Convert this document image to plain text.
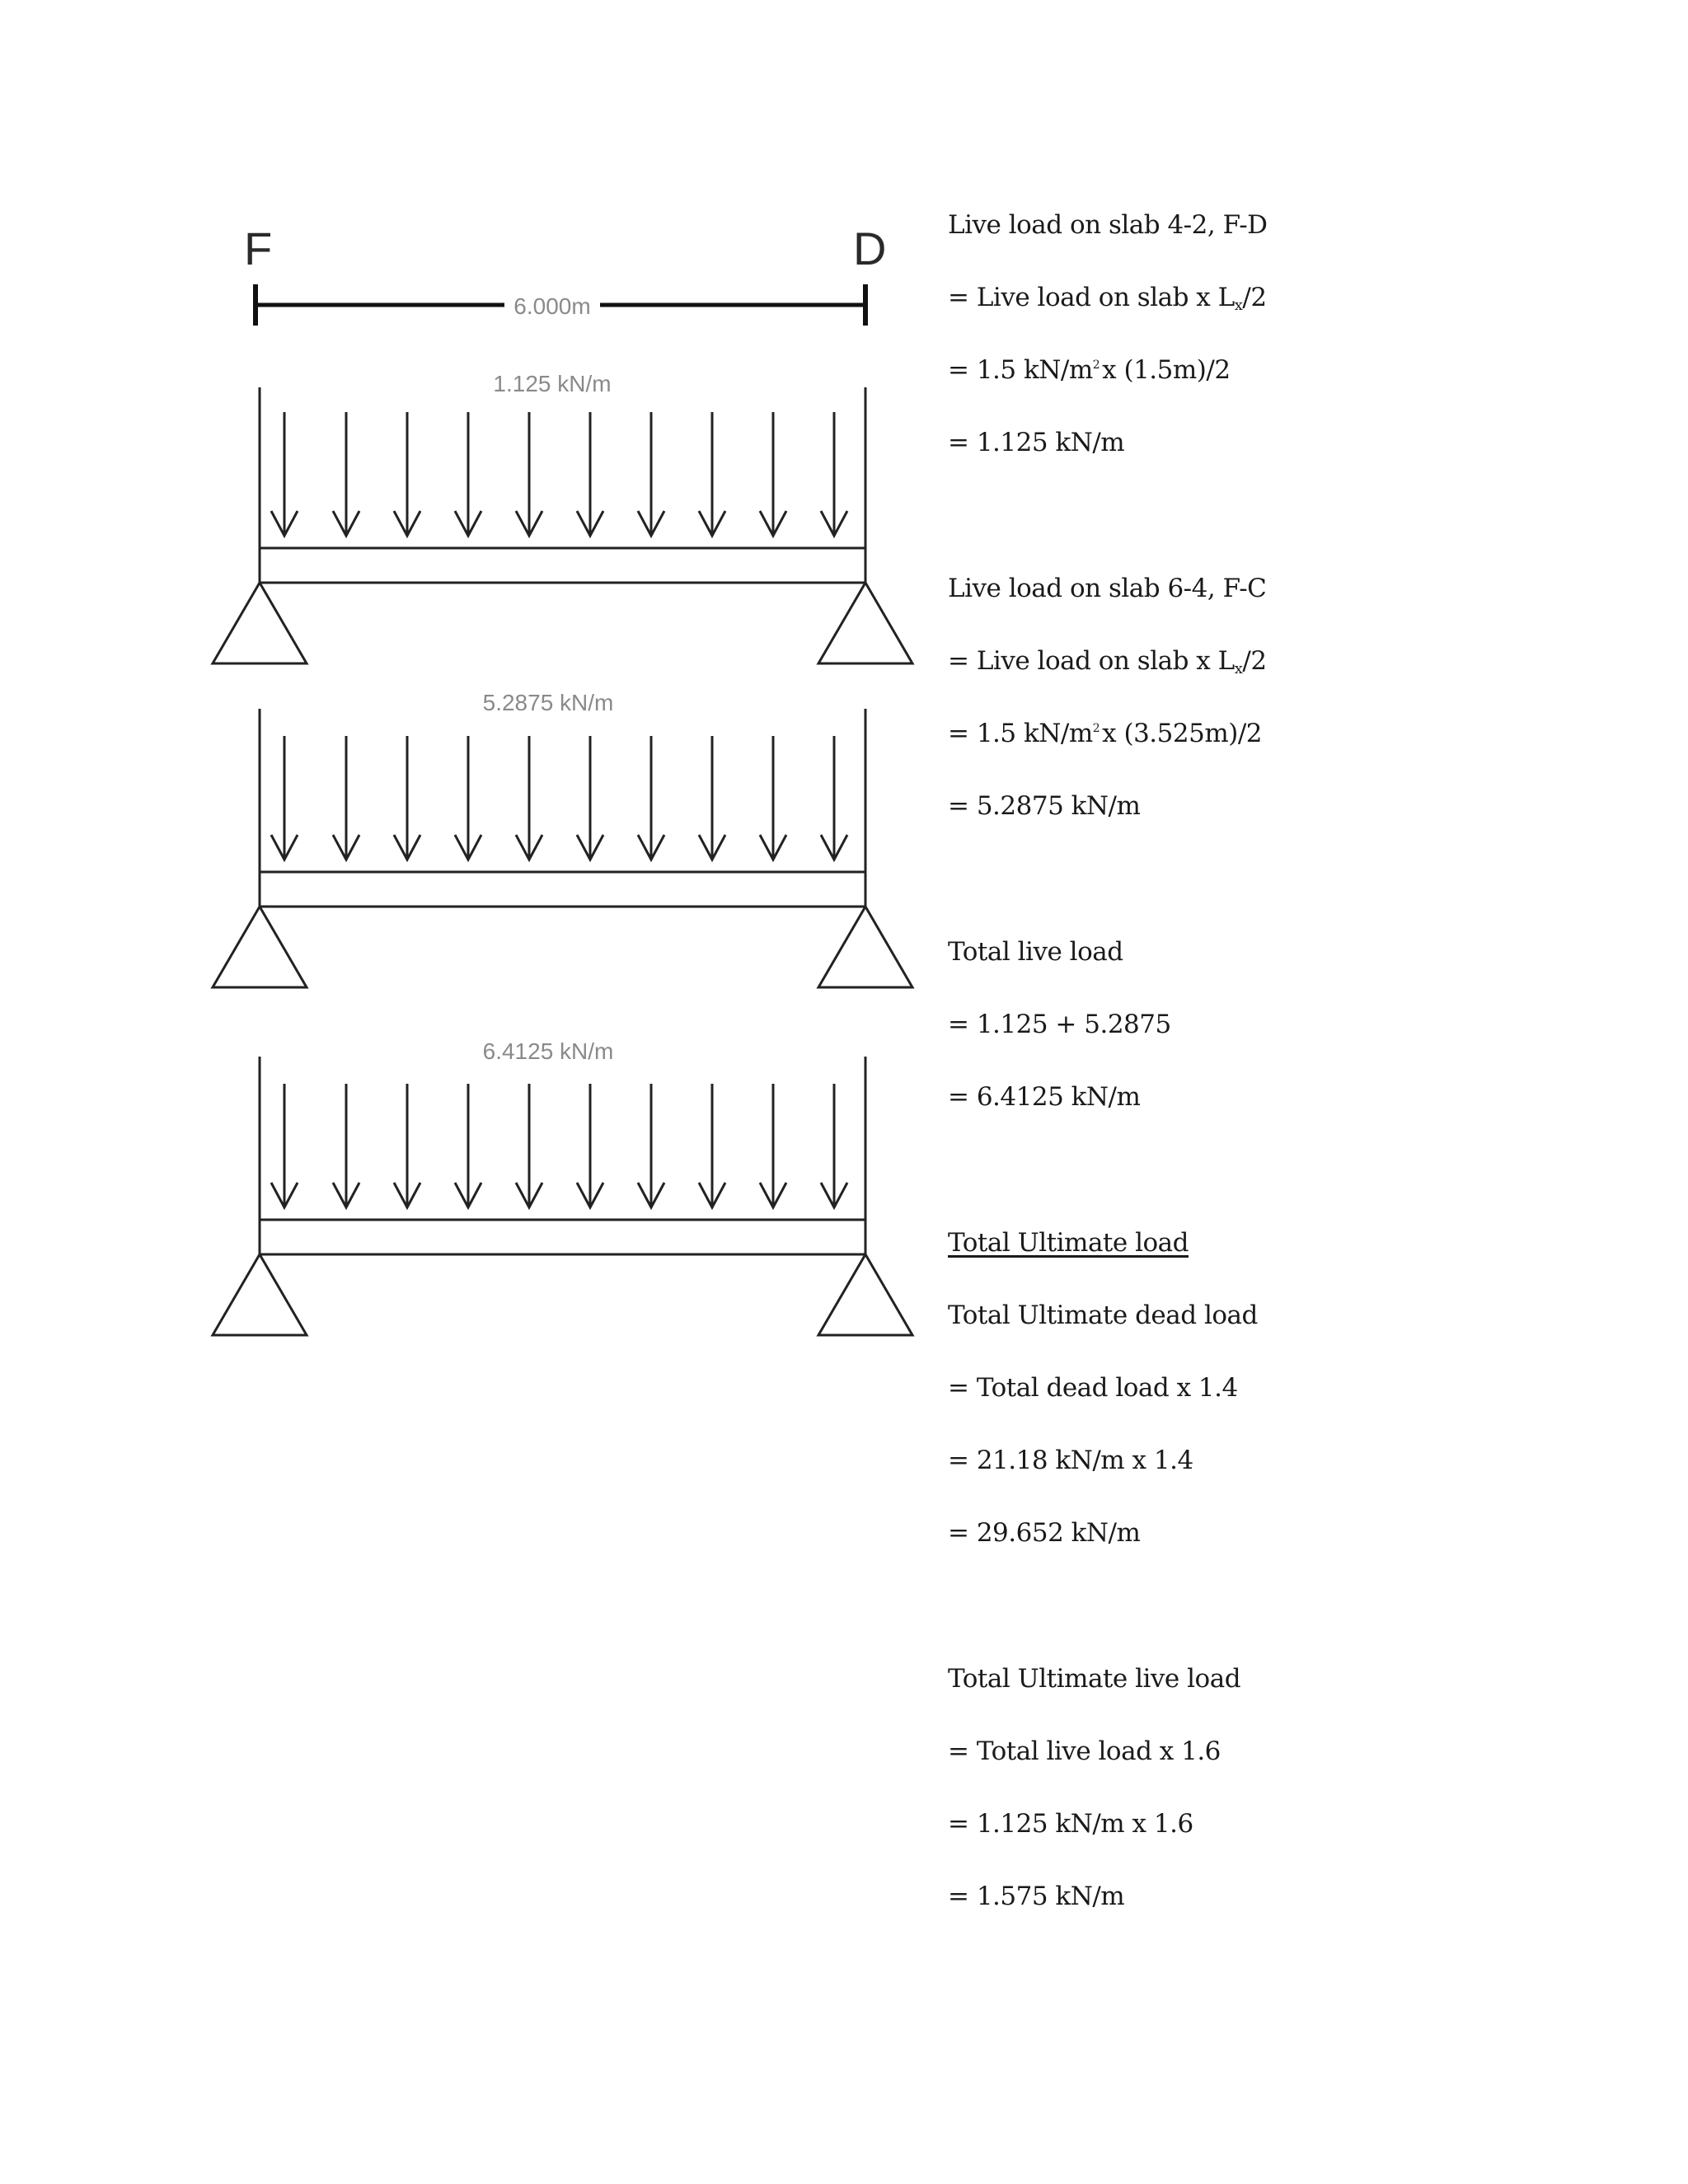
F	D
6.000m
1.125 kN/m
5.2875 kN/m
6.4125 kN/m
Live load on slab 4-2, F-D
= Live load on slab x $L_x/2$
= 1.5 $kN/m^2x$ (1.5m)/2
= 1.125 kN/m
Live load on slab 6-4, F-C
= Live load on slab x $L_x/2$
= 1.5 $kN/m^2x$ (3.525m)/2
= 5.2875 kN/m
Total live load
= 1.125 + 5.2875
= 6.4125 kN/m
Total Ultimate load
Total Ultimate dead load
= Total dead load x 1.4
= 21.18 kN/m x 1.4
= 29.652 kN/m
Total Ultimate live load
= Total live load x 1.6
= 1.125 kN/m x 1.6
= 1.575 kN/m
